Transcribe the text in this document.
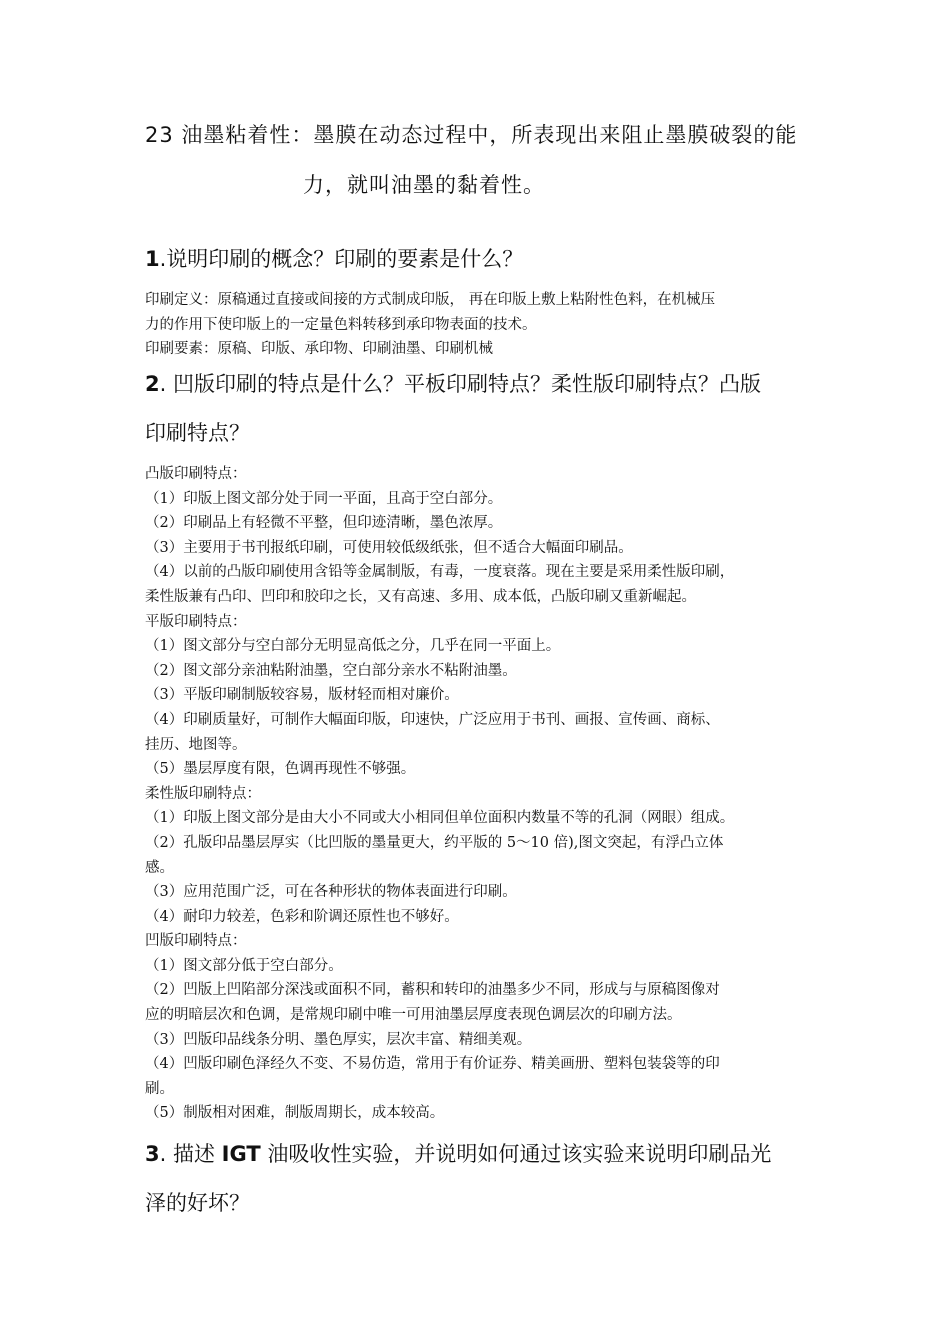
23 油墨粘着性：墨膜在动态过程中，所表现出来阻止墨膜破裂的能
力，就叫油墨的黏着性。
1.说明印刷的概念？印刷的要素是什么？

印刷定义：原稿通过直接或间接的方式制成印版， 再在印版上敷上粘附性色料，在机械压

力的作用下使印版上的一定量色料转移到承印物表面的技术。

印刷要素：原稿、印版、承印物、印刷油墨、印刷机械

2. 凹版印刷的特点是什么？平板印刷特点？柔性版印刷特点？凸版
印刷特点？

凸版印刷特点：

（1）印版上图文部分处于同一平面，且高于空白部分。

（2）印刷品上有轻微不平整，但印迹清晰，墨色浓厚。

（3）主要用于书刊报纸印刷，可使用较低级纸张，但不适合大幅面印刷品。

（4）以前的凸版印刷使用含铅等金属制版，有毒，一度衰落。现在主要是采用柔性版印刷，

柔性版兼有凸印、凹印和胶印之长，又有高速、多用、成本低，凸版印刷又重新崛起。

平版印刷特点：

（1）图文部分与空白部分无明显高低之分，几乎在同一平面上。

（2）图文部分亲油粘附油墨，空白部分亲水不粘附油墨。

（3）平版印刷制版较容易，版材轻而相对廉价。

（4）印刷质量好，可制作大幅面印版，印速快，广泛应用于书刊、画报、宣传画、商标、

挂历、地图等。

（5）墨层厚度有限，色调再现性不够强。

柔性版印刷特点：

（1）印版上图文部分是由大小不同或大小相同但单位面积内数量不等的孔洞（网眼）组成。

（2）孔版印品墨层厚实（比凹版的墨量更大，约平版的 5～10 倍),图文突起，有浮凸立体

感。

（3）应用范围广泛，可在各种形状的物体表面进行印刷。

（4）耐印力较差，色彩和阶调还原性也不够好。

凹版印刷特点：

（1）图文部分低于空白部分。

（2）凹版上凹陷部分深浅或面积不同，蓄积和转印的油墨多少不同，形成与与原稿图像对

应的明暗层次和色调，是常规印刷中唯一可用油墨层厚度表现色调层次的印刷方法。

（3）凹版印品线条分明、墨色厚实，层次丰富、精细美观。

（4）凹版印刷色泽经久不变、不易仿造，常用于有价证券、精美画册、塑料包装袋等的印

刷。

（5）制版相对困难，制版周期长，成本较高。

3. 描述 IGT 油吸收性实验，并说明如何通过该实验来说明印刷品光
泽的好坏？
